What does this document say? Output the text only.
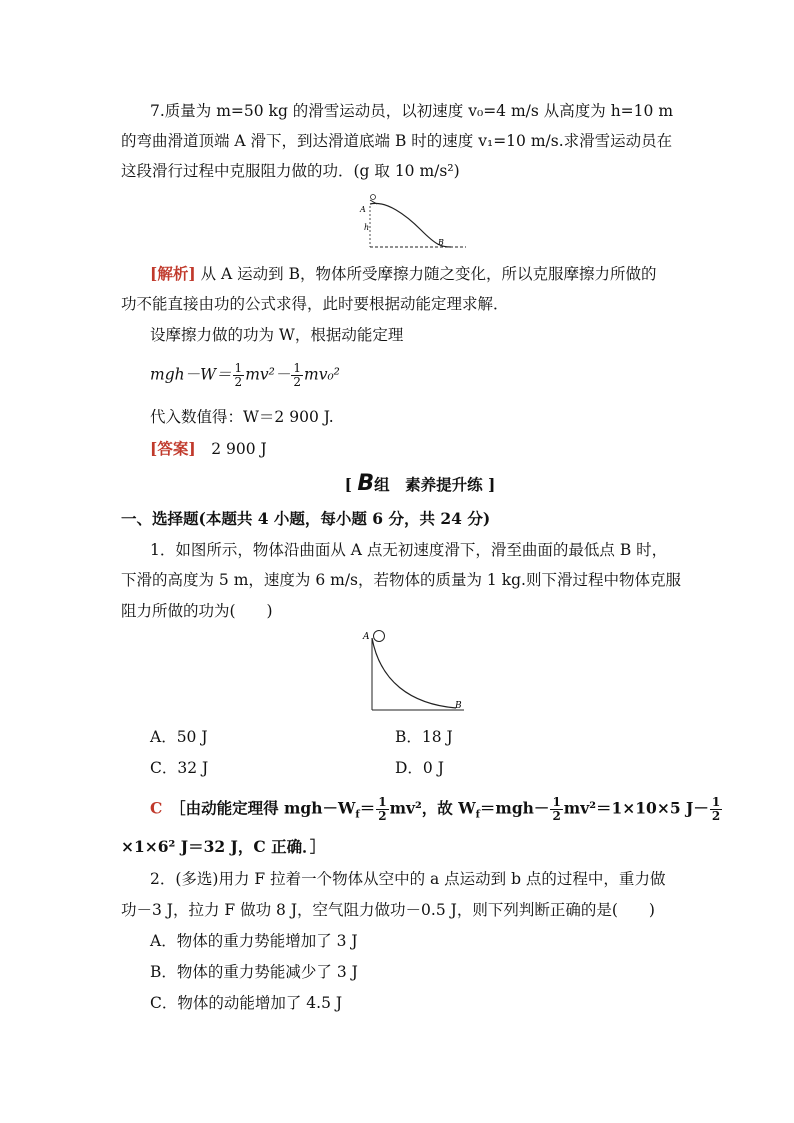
7.质量为 m=50 kg 的滑雪运动员，以初速度 v₀=4 m/s 从高度为 h=10 m
的弯曲滑道顶端 A 滑下，到达滑道底端 B 时的速度 v₁=10 m/s.求滑雪运动员在
这段滑行过程中克服阻力做的功．(g 取 10 m/s²)
A
h
B
[解析] 从 A 运动到 B，物体所受摩擦力随之变化，所以克服摩擦力所做的
功不能直接由功的公式求得，此时要根据动能定理求解．
设摩擦力做的功为 W，根据动能定理
$mgh-W= \frac{1}{2} mv^2- \frac{1}{2} mv_0^2$
代入数值得：W＝2 900 J.
[答案]　 2 900 J
[ B组　素养提升练 ]
一、选择题(本题共 4 小题，每小题 6 分，共 24 分)
1．如图所示，物体沿曲面从 A 点无初速度滑下，滑至曲面的最低点 B 时，
下滑的高度为 5 m，速度为 6 m/s，若物体的质量为 1 kg.则下滑过程中物体克服
阻力所做的功为(　　)
A
B
A．50 J	B．18 J
C．32 J	D．0 J
C　 ［由动能定理得 $mgh-W_f= \frac{1}{2} mv^2$，故 $W_f=mgh- \frac{1}{2} mv^2=1\times 10\times 5$ $J- \frac{1}{2}$
×1×6² J＝32 J，C 正确．］
2．(多选)用力 F 拉着一个物体从空中的 a 点运动到 b 点的过程中，重力做
功－3 J，拉力 F 做功 8 J，空气阻力做功－0.5 J，则下列判断正确的是(　　)
A．物体的重力势能增加了 3 J
B．物体的重力势能减少了 3 J
C．物体的动能增加了 4.5 J
